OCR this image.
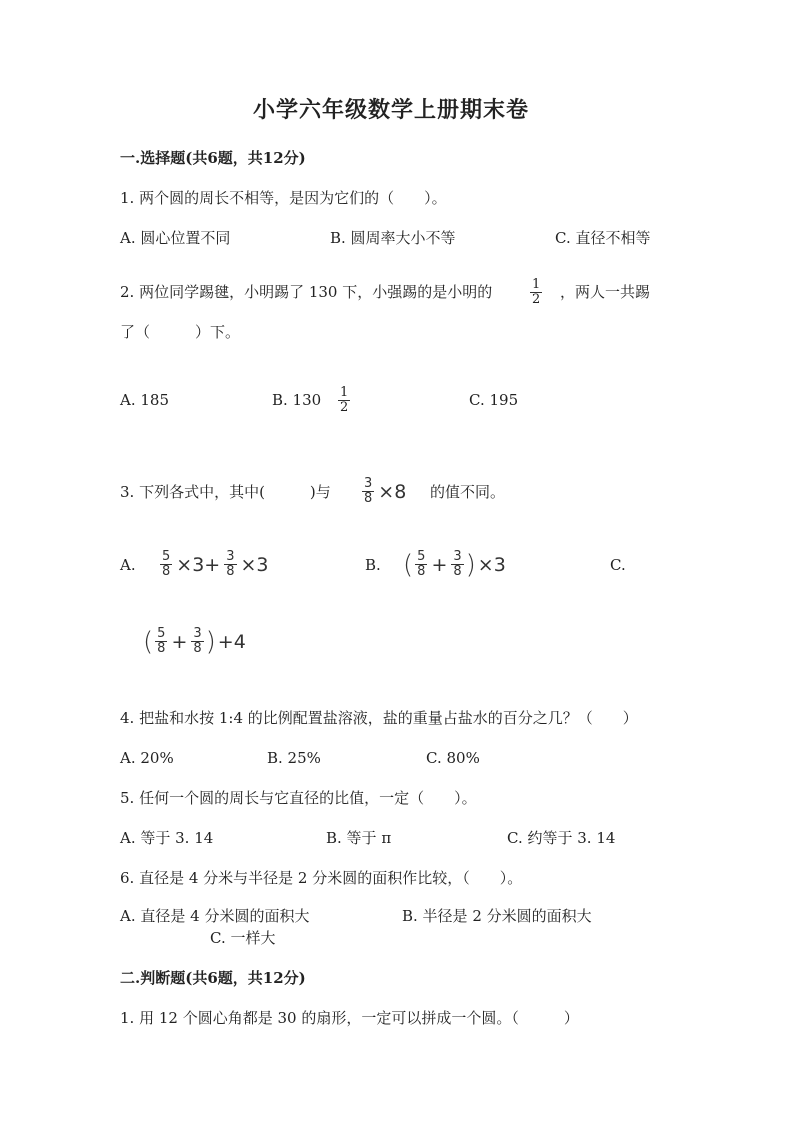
小学六年级数学上册期末卷
一.选择题(共6题，共12分)
1. 两个圆的周长不相等，是因为它们的（　　）。
A. 圆心位置不同	B. 圆周率大小不等	C. 直径不相等
2. 两位同学踢毽，小明踢了 130 下，小强踢的是小明的	$\frac{1}{2}$ ，两人一共踢
了（　　　）下。
A. 185	B. $130 \frac{1}{2}$	C. 195
3. 下列各式中，其中(　　　)与 $\frac{3}{8} \times 8$ 的值不同。
A. $\frac{5}{8} \times 3+ \frac{3}{8} \times 3$	B. ( $\frac{5}{8} + \frac{3}{8}$ ) ×3	C.
( $\frac{5}{8} + \frac{3}{8}$ ) +4
4. 把盐和水按 1:4 的比例配置盐溶液，盐的重量占盐水的百分之几？（　　）
A. 20%	B. 25%	C. 80%
5. 任何一个圆的周长与它直径的比值，一定（　　）。
A. 等于 3. 14	B. 等于 π	C. 约等于 3. 14
6. 直径是 4 分米与半径是 2 分米圆的面积作比较，（　　）。
A. 直径是 4 分米圆的面积大	B. 半径是 2 分米圆的面积大
C. 一样大
二.判断题(共6题，共12分)
1. 用 12 个圆心角都是 30 的扇形，一定可以拼成一个圆。（　　　）
